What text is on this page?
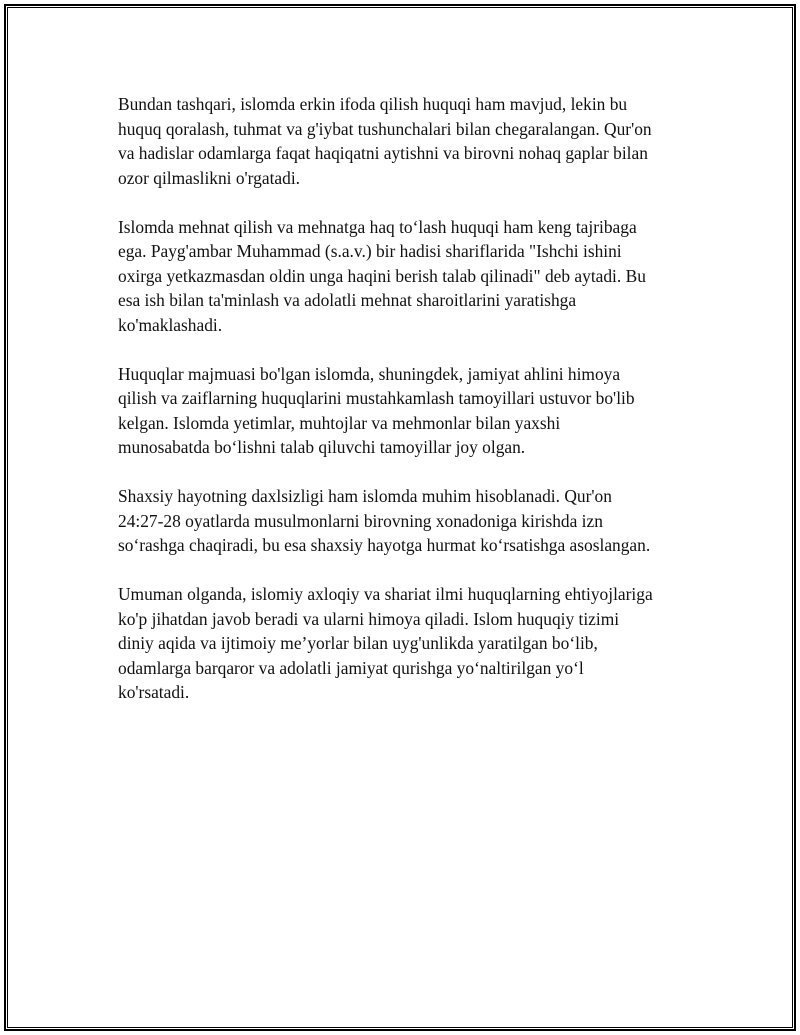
Bundan tashqari, islomda erkin ifoda qilish huquqi ham mavjud, lekin bu
huquq qoralash, tuhmat va g'iybat tushunchalari bilan chegaralangan. Qur'on
va hadislar odamlarga faqat haqiqatni aytishni va birovni nohaq gaplar bilan
ozor qilmaslikni o'rgatadi.

Islomda mehnat qilish va mehnatga haq to‘lash huquqi ham keng tajribaga
ega. Payg'ambar Muhammad (s.a.v.) bir hadisi shariflarida "Ishchi ishini
oxirga yetkazmasdan oldin unga haqini berish talab qilinadi" deb aytadi. Bu
esa ish bilan ta'minlash va adolatli mehnat sharoitlarini yaratishga
ko'maklashadi.

Huquqlar majmuasi bo'lgan islomda, shuningdek, jamiyat ahlini himoya
qilish va zaiflarning huquqlarini mustahkamlash tamoyillari ustuvor bo'lib
kelgan. Islomda yetimlar, muhtojlar va mehmonlar bilan yaxshi
munosabatda bo‘lishni talab qiluvchi tamoyillar joy olgan.

Shaxsiy hayotning daxlsizligi ham islomda muhim hisoblanadi. Qur'on
24:27-28 oyatlarda musulmonlarni birovning xonadoniga kirishda izn
so‘rashga chaqiradi, bu esa shaxsiy hayotga hurmat ko‘rsatishga asoslangan.

Umuman olganda, islomiy axloqiy va shariat ilmi huquqlarning ehtiyojlariga
ko'p jihatdan javob beradi va ularni himoya qiladi. Islom huquqiy tizimi
diniy aqida va ijtimoiy me’yorlar bilan uyg'unlikda yaratilgan bo‘lib,
odamlarga barqaror va adolatli jamiyat qurishga yo‘naltirilgan yo‘l
ko'rsatadi.
